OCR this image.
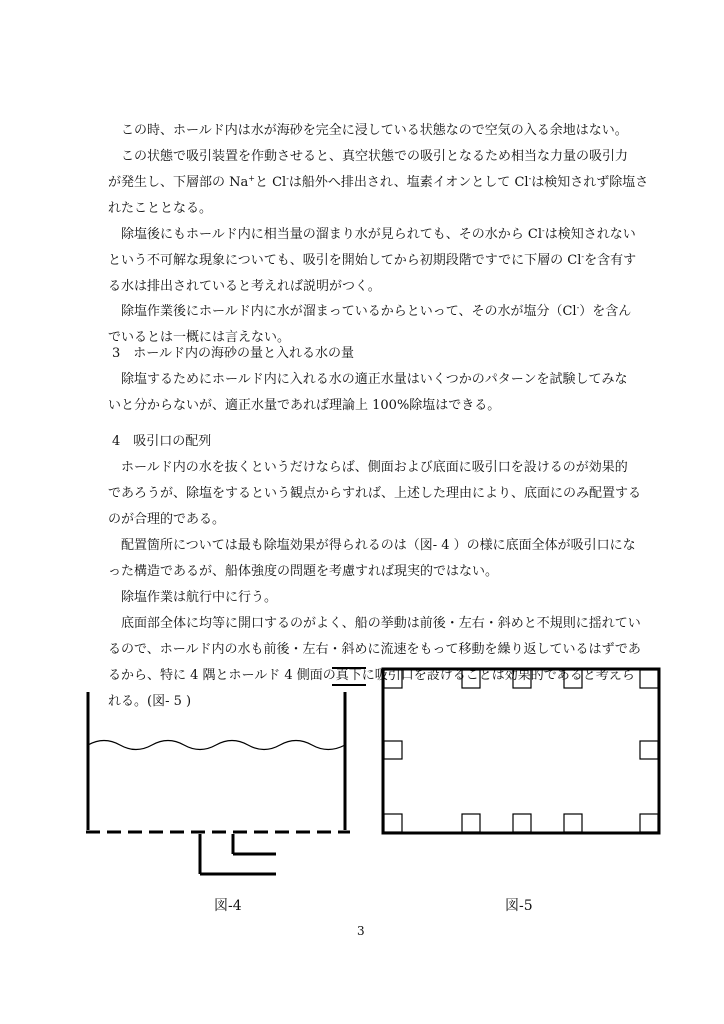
この時、ホールド内は水が海砂を完全に浸している状態なので空気の入る余地はない。
この状態で吸引装置を作動させると、真空状態での吸引となるため相当な力量の吸引力
が発生し、下層部の Na+と Cl-は船外へ排出され、塩素イオンとして Cl-は検知されず除塩さ
れたこととなる。
除塩後にもホールド内に相当量の溜まり水が見られても、その水から Cl-は検知されない
という不可解な現象についても、吸引を開始してから初期段階ですでに下層の Cl-を含有す
る水は排出されていると考えれば説明がつく。
除塩作業後にホールド内に水が溜まっているからといって、その水が塩分（Cl-）を含ん
でいるとは一概には言えない。
3　ホールド内の海砂の量と入れる水の量
除塩するためにホールド内に入れる水の適正水量はいくつかのパターンを試験してみな
いと分からないが、適正水量であれば理論上 100%除塩はできる。
4　吸引口の配列
ホールド内の水を抜くというだけならば、側面および底面に吸引口を設けるのが効果的
であろうが、除塩をするという観点からすれば、上述した理由により、底面にのみ配置する
のが合理的である。
配置箇所については最も除塩効果が得られるのは（図- 4 ）の様に底面全体が吸引口にな
った構造であるが、船体強度の問題を考慮すれば現実的ではない。
除塩作業は航行中に行う。
底面部全体に均等に開口するのがよく、船の挙動は前後・左右・斜めと不規則に揺れてい
るので、ホールド内の水も前後・左右・斜めに流速をもって移動を繰り返しているはずであ
るから、特に 4 隅とホールド 4 側面の真下に吸引口を設けることは効果的であると考えら
れる。(図- 5 )
図-4	図-5
3
